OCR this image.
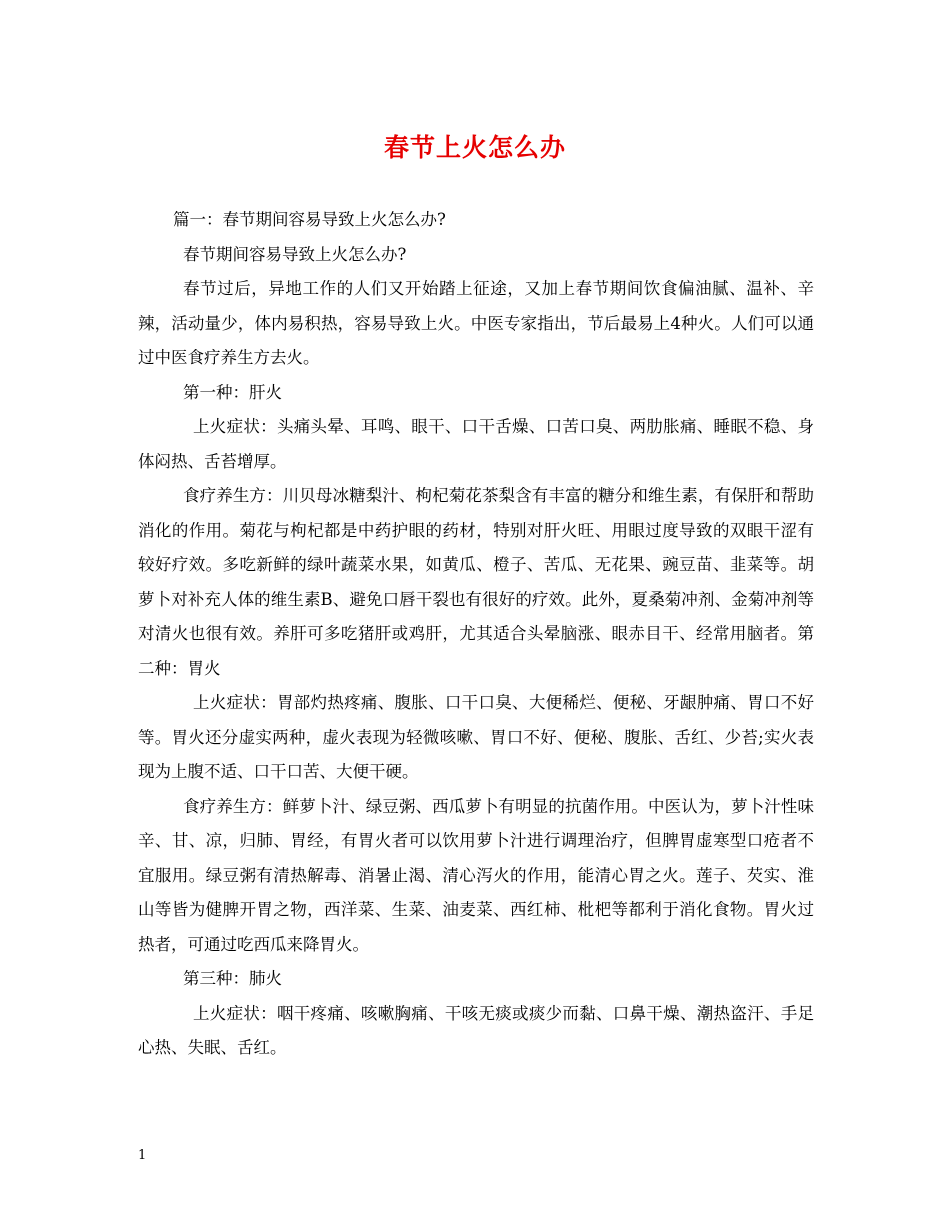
春节上火怎么办

篇一：春节期间容易导致上火怎么办?

春节期间容易导致上火怎么办?

春节过后，异地工作的人们又开始踏上征途，又加上春节期间饮食偏油腻、温补、辛辣，活动量少，体内易积热，容易导致上火。中医专家指出，节后最易上4种火。人们可以通过中医食疗养生方去火。

第一种：肝火

上火症状：头痛头晕、耳鸣、眼干、口干舌燥、口苦口臭、两肋胀痛、睡眠不稳、身体闷热、舌苔增厚。

食疗养生方：川贝母冰糖梨汁、枸杞菊花茶梨含有丰富的糖分和维生素，有保肝和帮助消化的作用。菊花与枸杞都是中药护眼的药材，特别对肝火旺、用眼过度导致的双眼干涩有较好疗效。多吃新鲜的绿叶蔬菜水果，如黄瓜、橙子、苦瓜、无花果、豌豆苗、韭菜等。胡萝卜对补充人体的维生素B、避免口唇干裂也有很好的疗效。此外，夏桑菊冲剂、金菊冲剂等对清火也很有效。养肝可多吃猪肝或鸡肝，尤其适合头晕脑涨、眼赤目干、经常用脑者。第二种：胃火

上火症状：胃部灼热疼痛、腹胀、口干口臭、大便稀烂、便秘、牙龈肿痛、胃口不好等。胃火还分虚实两种，虚火表现为轻微咳嗽、胃口不好、便秘、腹胀、舌红、少苔;实火表现为上腹不适、口干口苦、大便干硬。

食疗养生方：鲜萝卜汁、绿豆粥、西瓜萝卜有明显的抗菌作用。中医认为，萝卜汁性味辛、甘、凉，归肺、胃经，有胃火者可以饮用萝卜汁进行调理治疗，但脾胃虚寒型口疮者不宜服用。绿豆粥有清热解毒、消暑止渴、清心泻火的作用，能清心胃之火。莲子、芡实、淮山等皆为健脾开胃之物，西洋菜、生菜、油麦菜、西红柿、枇杷等都利于消化食物。胃火过热者，可通过吃西瓜来降胃火。

第三种：肺火

上火症状：咽干疼痛、咳嗽胸痛、干咳无痰或痰少而黏、口鼻干燥、潮热盗汗、手足心热、失眠、舌红。

1
